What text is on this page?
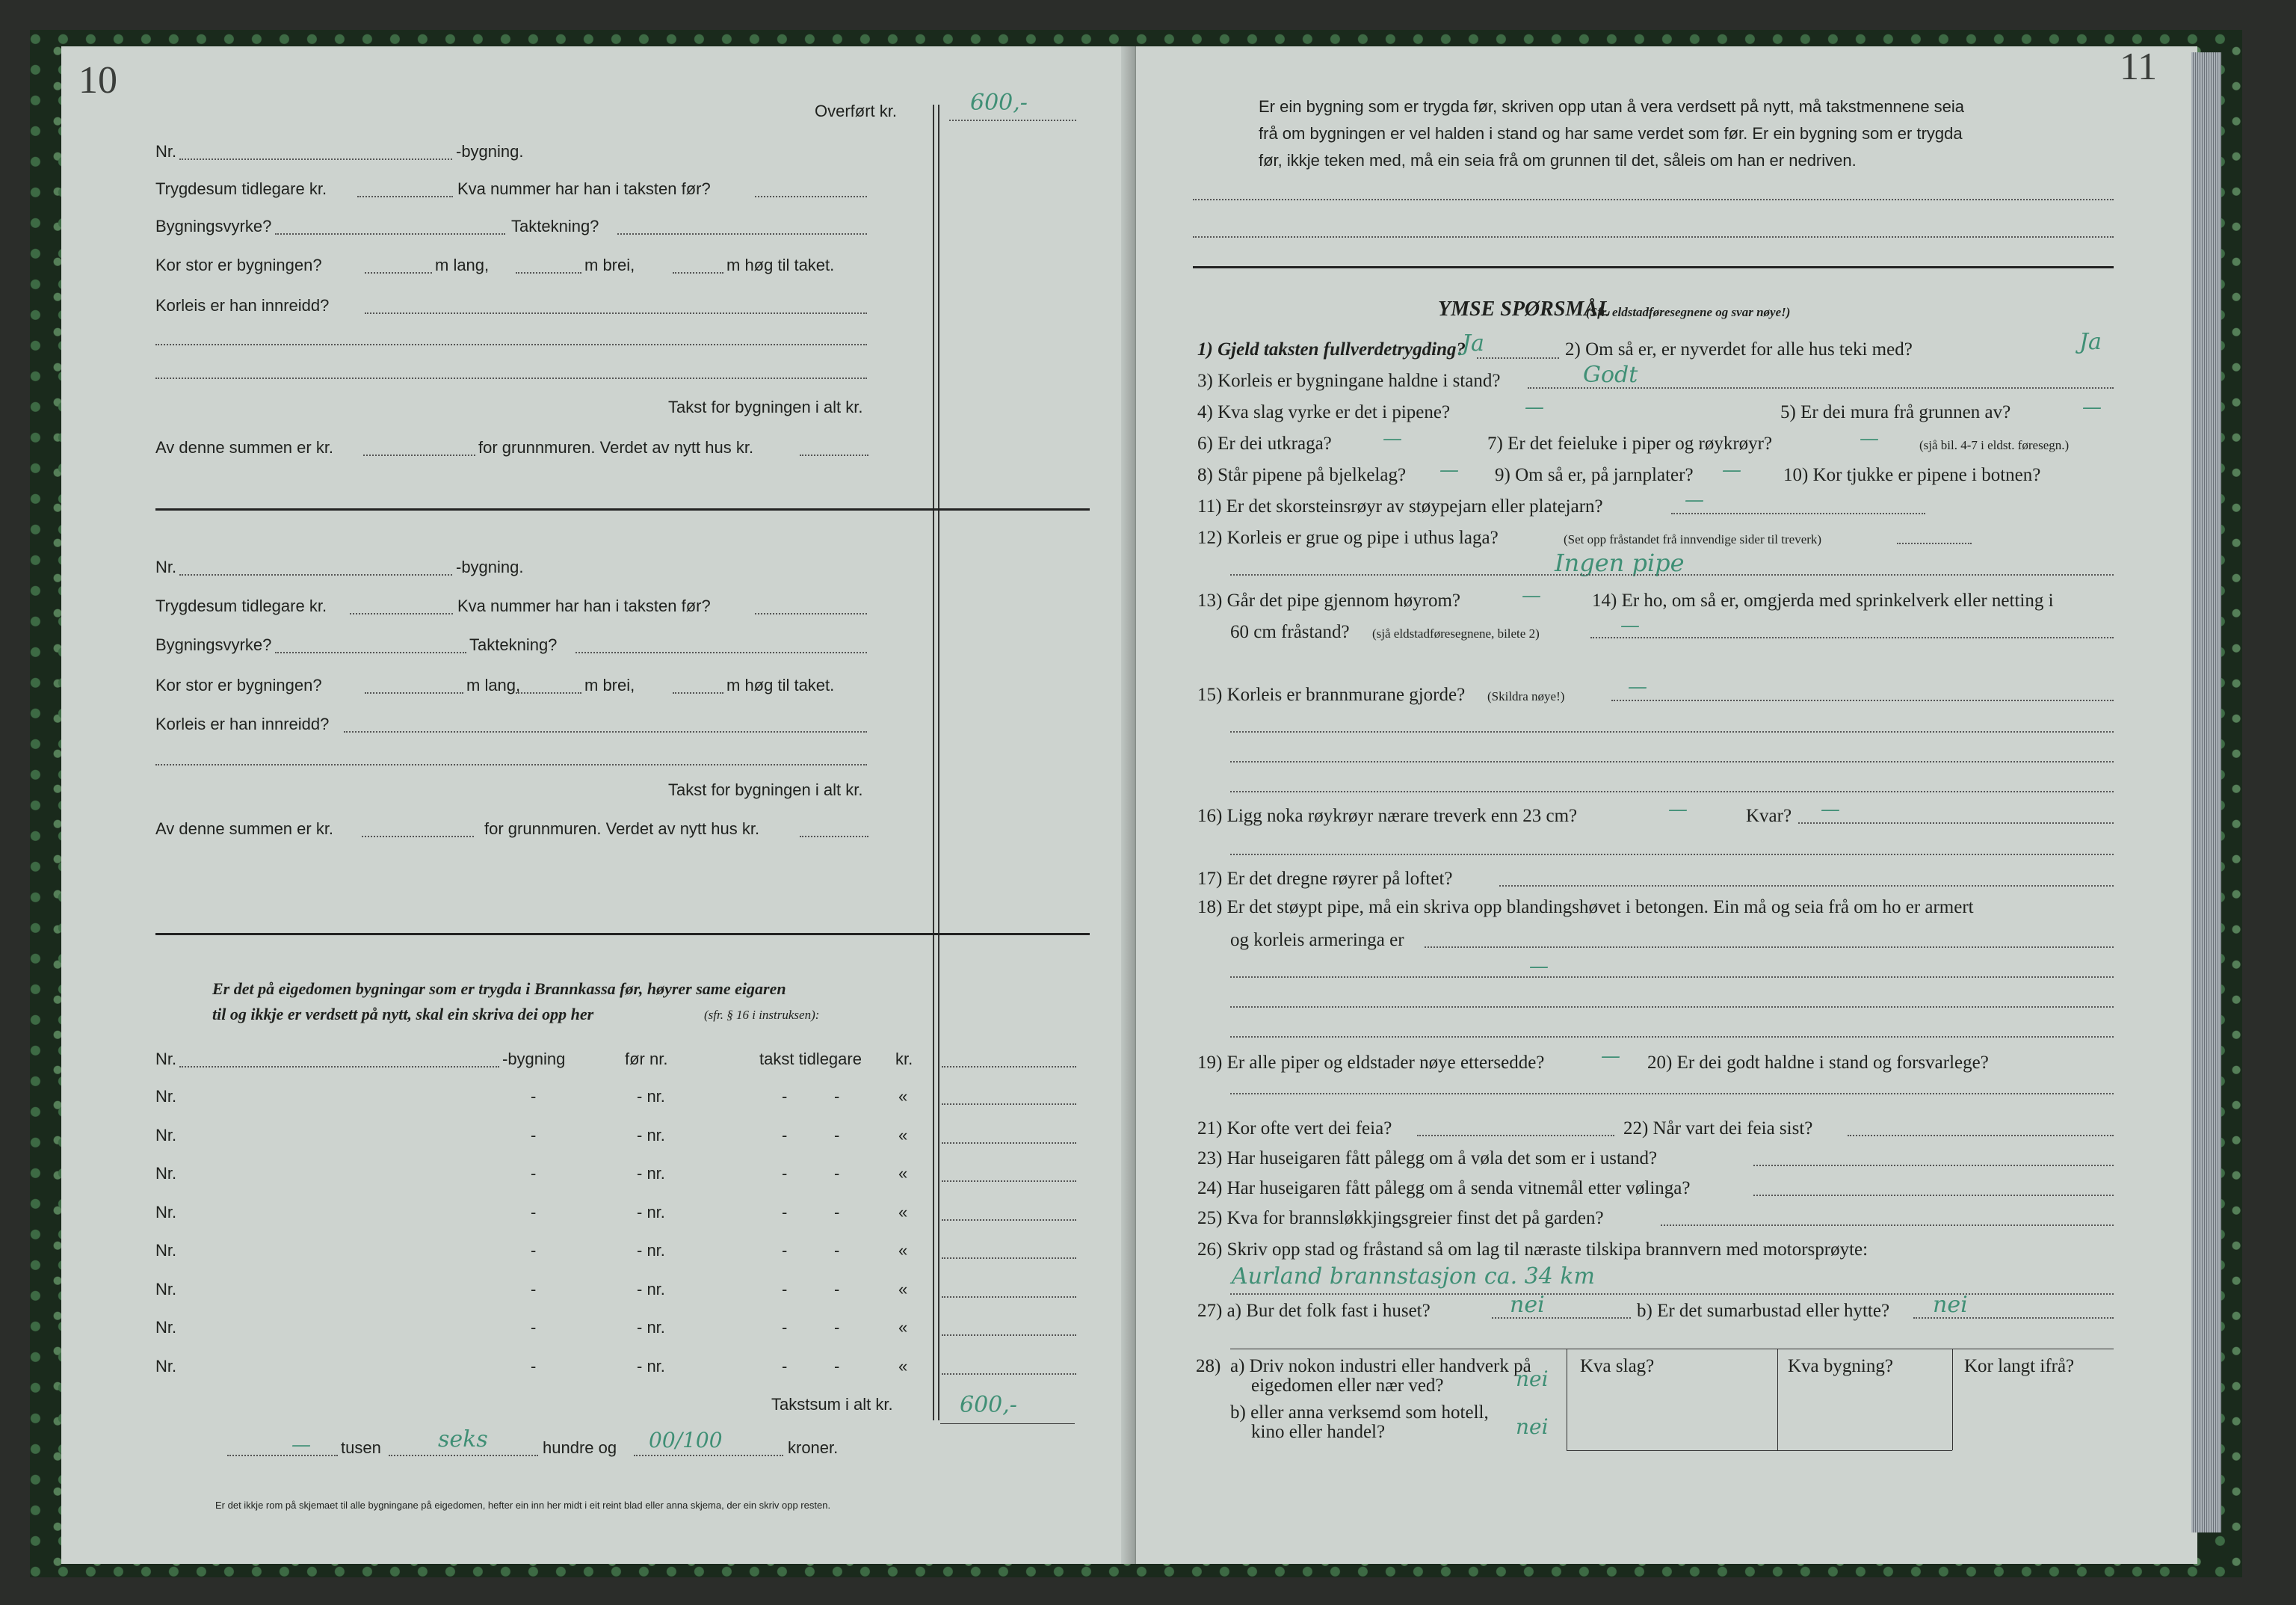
10
Overført kr.	600,-
Nr.	-bygning.
Trygdesum tidlegare kr.	Kva nummer har han i taksten før?
Bygningsvyrke?	Taktekning?
Kor stor er bygningen?	m lang,	m brei,	m høg til taket.
Korleis er han innreidd?
Takst for bygningen i alt kr.
Av denne summen er kr.	for grunnmuren. Verdet av nytt hus kr.
Nr.	-bygning.
Trygdesum tidlegare kr.	Kva nummer har han i taksten før?
Bygningsvyrke?	Taktekning?
Kor stor er bygningen?	m lang,	m brei,	m høg til taket.
Korleis er han innreidd?
Takst for bygningen i alt kr.
Av denne summen er kr.	for grunnmuren. Verdet av nytt hus kr.
Er det på eigedomen bygningar som er trygda i Brannkassa før, høyrer same eigaren
til og ikkje er verdsett på nytt, skal ein skriva dei opp her	(sfr. § 16 i instruksen):
Nr.	-bygning	før nr.	takst tidlegare kr.
Nr.	-	- nr.	-	-	«
Nr.	-	- nr.	-	-	«
Nr.	-	- nr.	-	-	«
Nr.	-	- nr.	-	-	«
Nr.	-	- nr.	-	-	«
Nr.	-	- nr.	-	-	«
Nr.	-	- nr.	-	-	«
Nr.	-	- nr.	-	-	«
Takstsum i alt kr.	600,-
— tusen	seks	hundre og 00/100	kroner.
Er det ikkje rom på skjemaet til alle bygningane på eigedomen, hefter ein inn her midt i eit reint blad eller anna skjema, der ein skriv opp resten.
11
Er ein bygning som er trygda før, skriven opp utan å vera verdsett på nytt, må takstmennene seia
frå om bygningen er vel halden i stand og har same verdet som før. Er ein bygning som er trygda
før, ikkje teken med, må ein seia frå om grunnen til det, såleis om han er nedriven.
YMSE SPØRSMÅL
(Sfr. eldstadføresegnene og svar nøye!)
1) Gjeld taksten fullverdetrygding?
Ja	2) Om så er, er nyverdet for alle hus teki med?	Ja
3) Korleis er bygningane haldne i stand?	Godt
4) Kva slag vyrke er det i pipene?	—	5) Er dei mura frå grunnen av?	—
6) Er dei utkraga?	—	7) Er det feieluke i piper og røykrøyr?	—	(sjå bil. 4-7 i eldst. føresegn.)
8) Står pipene på bjelkelag? — 9) Om så er, på jarnplater? — 10) Kor tjukke er pipene i botnen?
11) Er det skorsteinsrøyr av støypejarn eller platejarn?	—
12) Korleis er grue og pipe i uthus laga?	(Set opp fråstandet frå innvendige sider til treverk)
Ingen pipe
13) Går det pipe gjennom høyrom?	—	14) Er ho, om så er, omgjerda med sprinkelverk eller netting i
60 cm fråstand? (sjå eldstadføresegnene, bilete 2)	—
15) Korleis er brannmurane gjorde? (Skildra nøye!)	—
16) Ligg noka røykrøyr nærare treverk enn 23 cm?	—	Kvar? —
17) Er det dregne røyrer på loftet?
18) Er det støypt pipe, må ein skriva opp blandingshøvet i betongen. Ein må og seia frå om ho er armert
og korleis armeringa er
—
19) Er alle piper og eldstader nøye ettersedde?	— 20) Er dei godt haldne i stand og forsvarlege?
21) Kor ofte vert dei feia?	22) Når vart dei feia sist?
23) Har huseigaren fått pålegg om å vøla det som er i ustand?
24) Har huseigaren fått pålegg om å senda vitnemål etter vølinga?
25) Kva for brannsløkkjingsgreier finst det på garden?
26) Skriv opp stad og fråstand så om lag til næraste tilskipa brannvern med motorsprøyte:
Aurland brannstasjon ca. 34 km
27) a) Bur det folk fast i huset?	nei	b) Er det sumarbustad eller hytte? nei
28) a) Driv nokon industri eller handverk på
eigedomen eller nær ved?	nei
b) eller anna verksemd som hotell,
kino eller handel?	nei
Kva slag?	Kva bygning?	Kor langt ifrå?
